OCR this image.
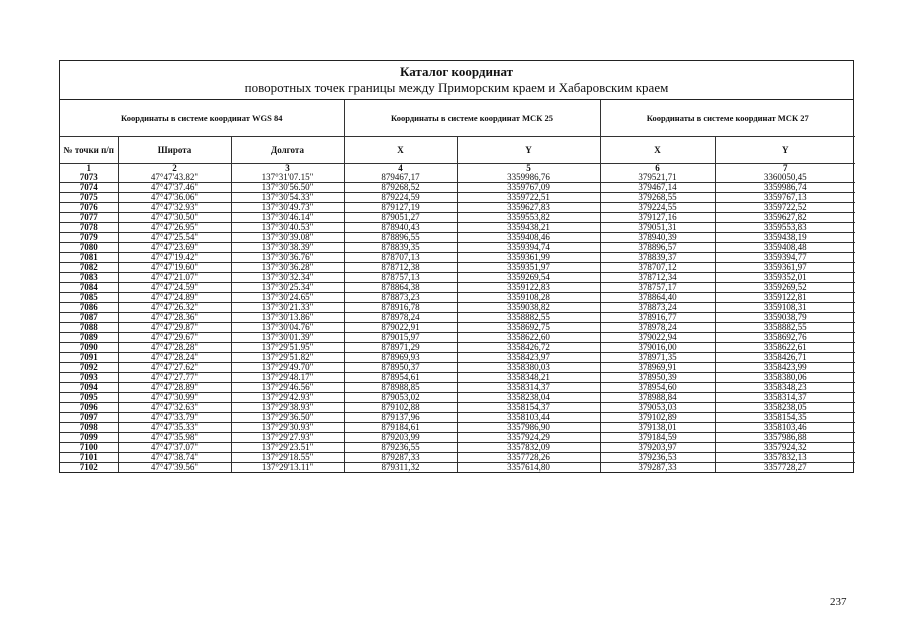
Каталог координат
поворотных точек границы между Приморским краем и Хабаровским краем
Координаты в системе координат WGS 84			Координаты в системе координат МСК 25		Координаты в системе координат МСК 27	
№ точки п/п	Широта	Долгота	X	Y	X	Y
1	2	3	4	5	6	7
7073	47°47'43.82"	137°31'07.15"	879467,17	3359986,76	379521,71	3360050,45
7074	47°47'37.46"	137°30'56.50"	879268,52	3359767,09	379467,14	3359986,74
7075	47°47'36.06"	137°30'54.33"	879224,59	3359722,51	379268,55	3359767,13
7076	47°47'32.93"	137°30'49.73"	879127,19	3359627,83	379224,55	3359722,52
7077	47°47'30.50"	137°30'46.14"	879051,27	3359553,82	379127,16	3359627,82
7078	47°47'26.95"	137°30'40.53"	878940,43	3359438,21	379051,31	3359553,83
7079	47°47'25.54"	137°30'39.08"	878896,55	3359408,46	378940,39	3359438,19
7080	47°47'23.69"	137°30'38.39"	878839,35	3359394,74	378896,57	3359408,48
7081	47°47'19.42"	137°30'36.76"	878707,13	3359361,99	378839,37	3359394,77
7082	47°47'19.60"	137°30'36.28"	878712,38	3359351,97	378707,12	3359361,97
7083	47°47'21.07"	137°30'32.34"	878757,13	3359269,54	378712,34	3359352,01
7084	47°47'24.59"	137°30'25.34"	878864,38	3359122,83	378757,17	3359269,52
7085	47°47'24.89"	137°30'24.65"	878873,23	3359108,28	378864,40	3359122,81
7086	47°47'26.32"	137°30'21.33"	878916,78	3359038,82	378873,24	3359108,31
7087	47°47'28.36"	137°30'13.86"	878978,24	3358882,55	378916,77	3359038,79
7088	47°47'29.87"	137°30'04.76"	879022,91	3358692,75	378978,24	3358882,55
7089	47°47'29.67"	137°30'01.39"	879015,97	3358622,60	379022,94	3358692,76
7090	47°47'28.28"	137°29'51.95"	878971,29	3358426,72	379016,00	3358622,61
7091	47°47'28.24"	137°29'51.82"	878969,93	3358423,97	378971,35	3358426,71
7092	47°47'27.62"	137°29'49.70"	878950,37	3358380,03	378969,91	3358423,99
7093	47°47'27.77"	137°29'48.17"	878954,61	3358348,21	378950,39	3358380,06
7094	47°47'28.89"	137°29'46.56"	878988,85	3358314,37	378954,60	3358348,23
7095	47°47'30.99"	137°29'42.93"	879053,02	3358238,04	378988,84	3358314,37
7096	47°47'32.63"	137°29'38.93"	879102,88	3358154,37	379053,03	3358238,05
7097	47°47'33.79"	137°29'36.50"	879137,96	3358103,44	379102,89	3358154,35
7098	47°47'35.33"	137°29'30.93"	879184,61	3357986,90	379138,01	3358103,46
7099	47°47'35.98"	137°29'27.93"	879203,99	3357924,29	379184,59	3357986,88
7100	47°47'37.07"	137°29'23.51"	879236,55	3357832,09	379203,97	3357924,32
7101	47°47'38.74"	137°29'18.55"	879287,33	3357728,26	379236,53	3357832,13
7102	47°47'39.56"	137°29'13.11"	879311,32	3357614,80	379287,33	3357728,27
237
